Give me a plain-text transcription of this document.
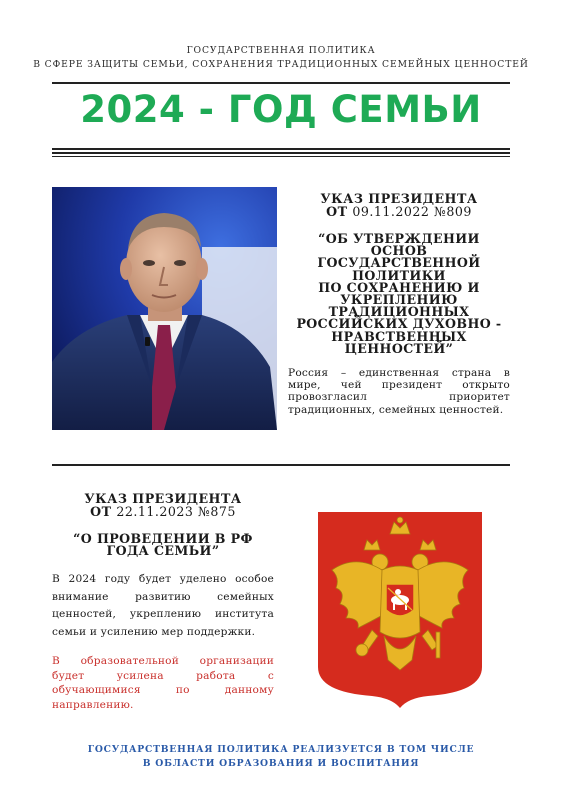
ГОСУДАРСТВЕННАЯ ПОЛИТИКА
В СФЕРЕ ЗАЩИТЫ СЕМЬИ, СОХРАНЕНИЯ ТРАДИЦИОННЫХ СЕМЕЙНЫХ ЦЕННОСТЕЙ
2024 - ГОД СЕМЬИ
УКАЗ ПРЕЗИДЕНТА
ОТ 09.11.2022 №809
“ОБ УТВЕРЖДЕНИИ ОСНОВ
ГОСУДАРСТВЕННОЙ
ПОЛИТИКИ
ПО СОХРАНЕНИЮ И
УКРЕПЛЕНИЮ
ТРАДИЦИОННЫХ
РОССИЙСКИХ ДУХОВНО -
НРАВСТВЕННЫХ
ЦЕННОСТЕЙ”
Россия – единственная страна в мире, чей президент открыто провозгласил приоритет традиционных, семейных ценностей.
УКАЗ ПРЕЗИДЕНТА
ОТ 22.11.2023 №875
“О ПРОВЕДЕНИИ В РФ
ГОДА СЕМЬИ”
В 2024 году будет уделено особое внимание развитию семейных ценностей, укреплению института семьи и усилению мер поддержки.
В образовательной организации будет усилена работа с обучающимися по данному направлению.
ГОСУДАРСТВЕННАЯ ПОЛИТИКА РЕАЛИЗУЕТСЯ В ТОМ ЧИСЛЕ
В ОБЛАСТИ ОБРАЗОВАНИЯ И ВОСПИТАНИЯ
